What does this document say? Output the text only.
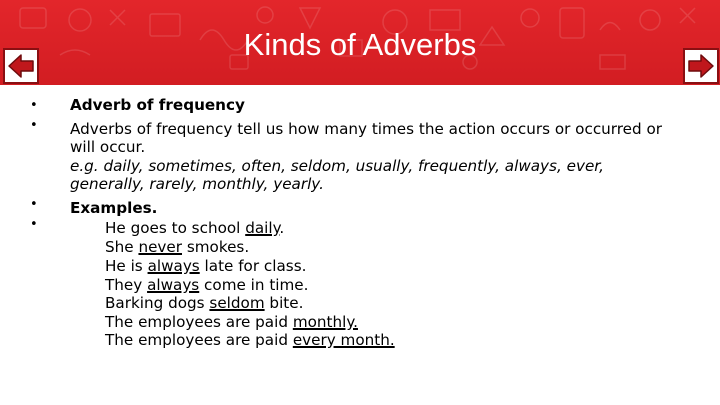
Kinds of Adverbs
•
•
•
•
Adverb of frequency
Adverbs of frequency tell us how many times the action occurs or occurred or
will occur.
e.g. daily, sometimes, often, seldom, usually, frequently, always, ever,
generally, rarely, monthly, yearly.
Examples.
He goes to school daily.
She never smokes.
He is always late for class.
They always come in time.
Barking dogs seldom bite.
The employees are paid monthly.
The employees are paid every month.
